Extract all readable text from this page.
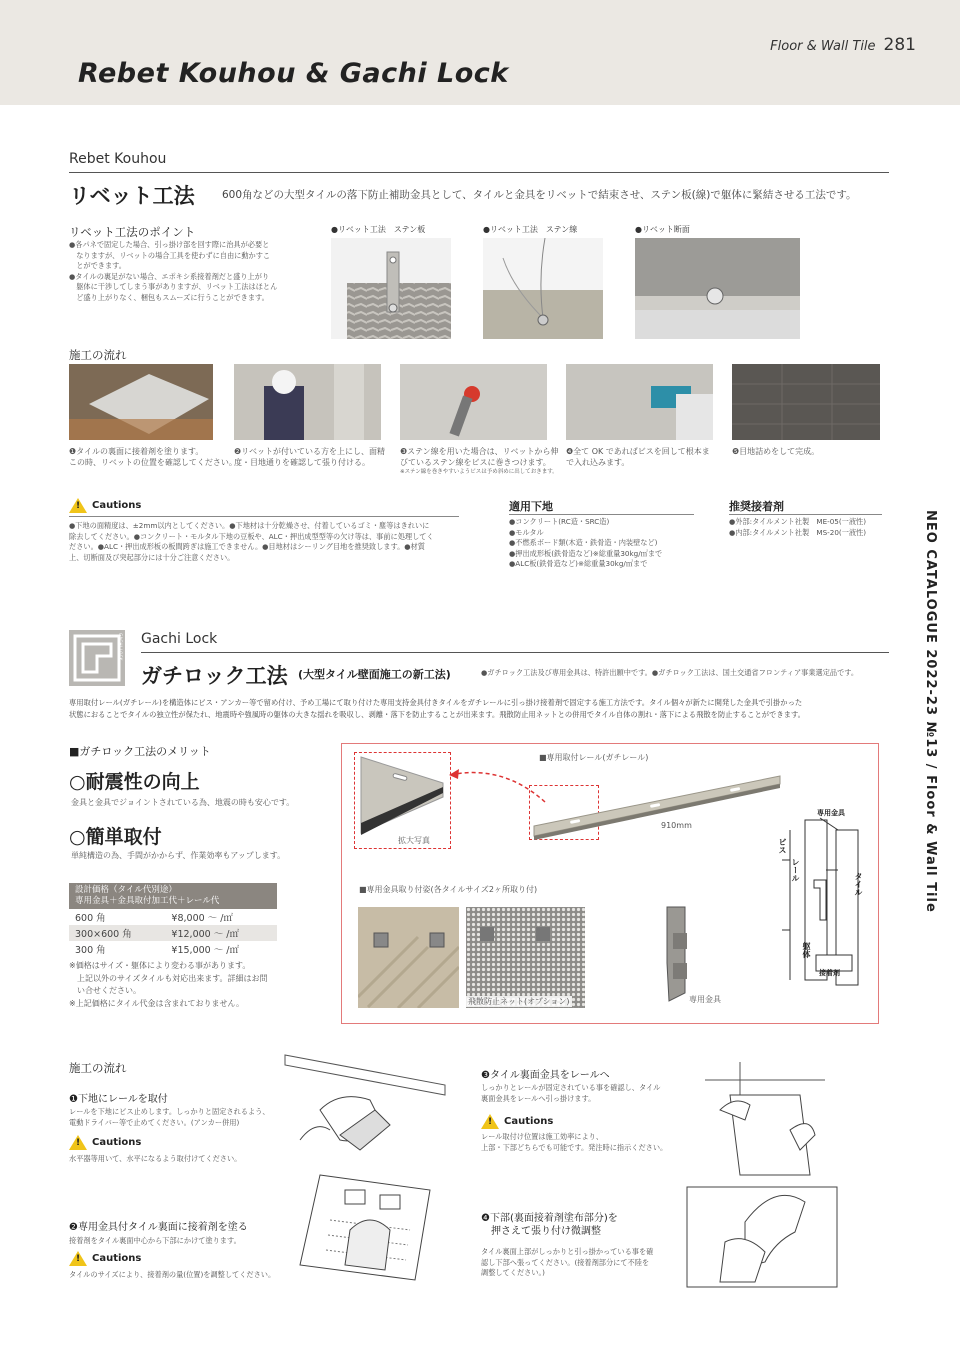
Floor & Wall Tile 281
Rebet Kouhou & Gachi Lock
NEO CATALOGUE 2022-23 №13 / Floor & Wall Tile
Rebet Kouhou
リベット工法	600角などの大型タイルの落下防止補助金具として、タイルと金具をリベットで結束させ、ステン板(線)で躯体に緊結させる工法です。
リベット工法のポイント
●各パネで固定した場合、引っ掛け部を回す際に治具が必要と
　なりますが、リベットの場合工具を使わずに自由に動かすこ
　とができます。
●タイルの裏足がない場合、エポキシ系接着剤だと盛り上がり
　躯体に干渉してしまう事がありますが、リベット工法はほとん
　ど盛り上がりなく、梱包もスムーズに行うことができます。
●リベット工法　ステン板	●リベット工法　ステン線	●リベット断面
施工の流れ
❶タイルの裏面に接着剤を塗ります。
この時、リベットの位置を確認してください。
❷リベットが付いている方を上にし、面精
度・目地通りを確認して張り付ける。
❸ステン線を用いた場合は、リベットから伸
びているステン線をビスに巻きつけます。
※ステン線を巻きやすいようビスは予め斜めに出しておきます。
❹全て OK であればビスを回して根本ま
で入れ込みます。
❺目地詰めをして完成。
! Cautions
●下地の面精度は、±2mm以内としてください。●下地材は十分乾燥させ、付着しているゴミ・塵等はきれいに
除去してください。●コンクリート・モルタル下地の豆板や、ALC・押出成型型等の欠け等は、事前に処理してく
ださい。●ALC・押出成形板の板間跨ぎは施工できません。●目地材はシーリング目地を推奨致します。●材質
上、切断面及び突起部分には十分ご注意ください。
適用下地
●コンクリート(RC造・SRC造)
●モルタル
●不燃系ボード類(木造・鉄骨造・内装壁など)
●押出成形板(鉄骨造など)※総重量30kg/㎡まで
●ALC板(鉄骨造など)※総重量30kg/㎡まで
推奨接着剤
●外部:タイルメント社製　ME-05(一液性)
●内部:タイルメント社製　MS-20(一液性)
GACHI LOCK Gachi Lock
ガチロック工法 (大型タイル壁面施工の新工法)	●ガチロック工法及び専用金具は、特許出願中です。●ガチロック工法は、国土交通省フロンティア事業選定品です。
専用取付レール(ガチレール)を構造体にビス・アンカー等で留め付け、予め工場にて取り付けた専用支持金具付きタイルをガチレールに引っ掛け接着剤で固定する施工方法です。タイル個々が新たに開発した金具で引掛かった
状態におることでタイルの独立性が保たれ、地震時や強風時の躯体の大きな揺れを吸収し、剥離・落下を防止することが出来ます。飛散防止用ネットとの併用でタイル自体の割れ・落下による飛散を防止することができます。
■ガチロック工法のメリット
○耐震性の向上
金具と金具でジョイントされている為、地震の時も安心です。
○簡単取付
単純構造の為、手間がかからず、作業効率もアップします。
設計価格（タイル代別途）
専用金具＋金具取付加工代＋レール代	

600 角	¥8,000 ～ /㎡
300×600 角	¥12,000 ～ /㎡
300 角	¥15,000 ～ /㎡
※価格はサイズ・躯体により変わる事があります。
　上記以外のサイズタイルも対応出来ます。詳細はお問
　い合せください。
※上記価格にタイル代金は含まれておりません。
拡大写真
■専用取付レール(ガチレール)
910mm
専用金具
ビス
レール
タイル
躯体
接着剤
■専用金具取り付姿(各タイルサイズ2ヶ所取り付)
飛散防止ネット(オプション)	専用金具
施工の流れ
❶下地にレールを取付
レールを下地にビス止めします。しっかりと固定されるよう、
電動ドライバー等で止めてください。(アンカー併用)
! Cautions
水平器等用いて、水平になるよう取付けてください。
❷専用金具付タイル裏面に接着剤を塗る
接着剤をタイル裏面中心から下部にかけて塗ります。
! Cautions
タイルのサイズにより、接着剤の量(位置)を調整してください。
❸タイル裏面金具をレールへ
しっかりとレールが固定されている事を確認し、タイル
裏面金具をレールへ引っ掛けます。
! Cautions
レール取付け位置は施工効率により、
上部・下部どちらでも可能です。発注時に指示ください。
❹下部(裏面接着剤塗布部分)を
　押さえて張り付け微調整
タイル裏面上部がしっかりと引っ掛かっている事を確
認し下部へ張ってください。(接着剤部分にて不陸を
調整してください。)
